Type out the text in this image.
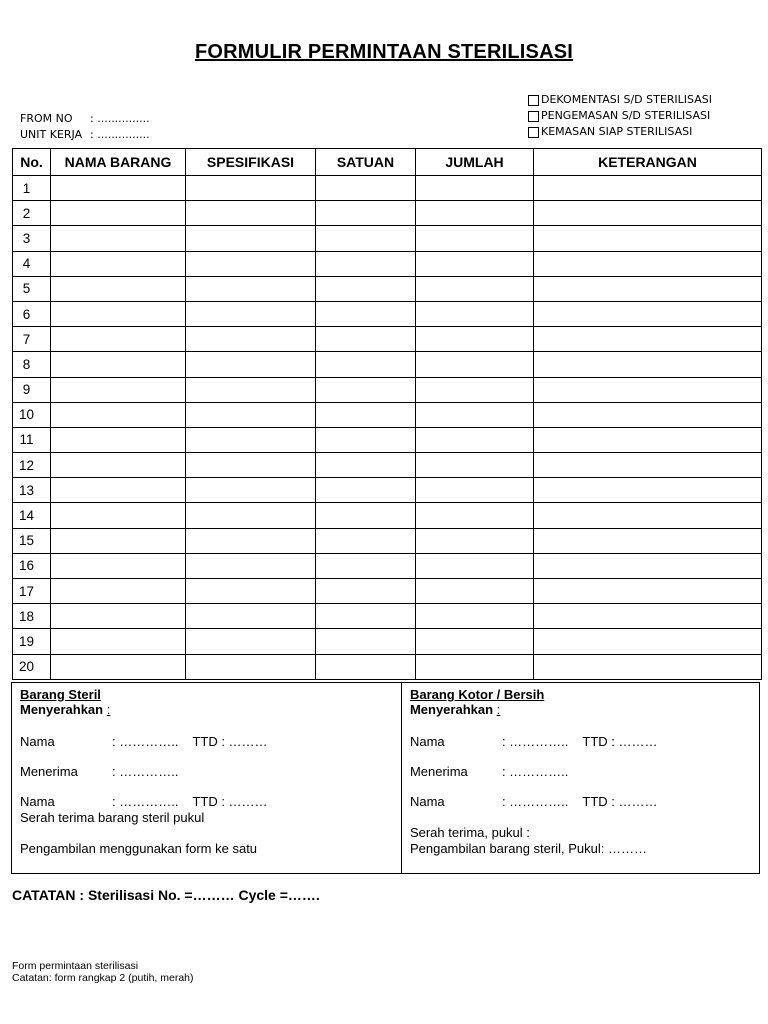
FORMULIR PERMINTAAN STERILISASI
FROM NO	: ...............
UNIT KERJA : ...............
DEKOMENTASI S/D STERILISASI
PENGEMASAN S/D STERILISASI
KEMASAN SIAP STERILISASI
No.	NAMA BARANG	SPESIFIKASI	SATUAN	JUMLAH	KETERANGAN
1					
2					
3					
4					
5					
6					
7					
8					
9					
10					
11					
12					
13					
14					
15					
16					
17					
18					
19					
20					
Barang Steril
Menyerahkan :
Nama	: ………….. TTD : ………
Menerima	: …………..
Nama	: ………….. TTD : ………
Serah terima barang steril pukul
Pengambilan menggunakan form ke satu
Barang Kotor / Bersih
Menyerahkan :
Nama	: ………….. TTD : ………
Menerima	: …………..
Nama	: ………….. TTD : ………
Serah terima, pukul :
Pengambilan barang steril, Pukul: ………
CATATAN : Sterilisasi No. =……… Cycle =…….
Form permintaan sterilisasi
Catatan: form rangkap 2 (putih, merah)
